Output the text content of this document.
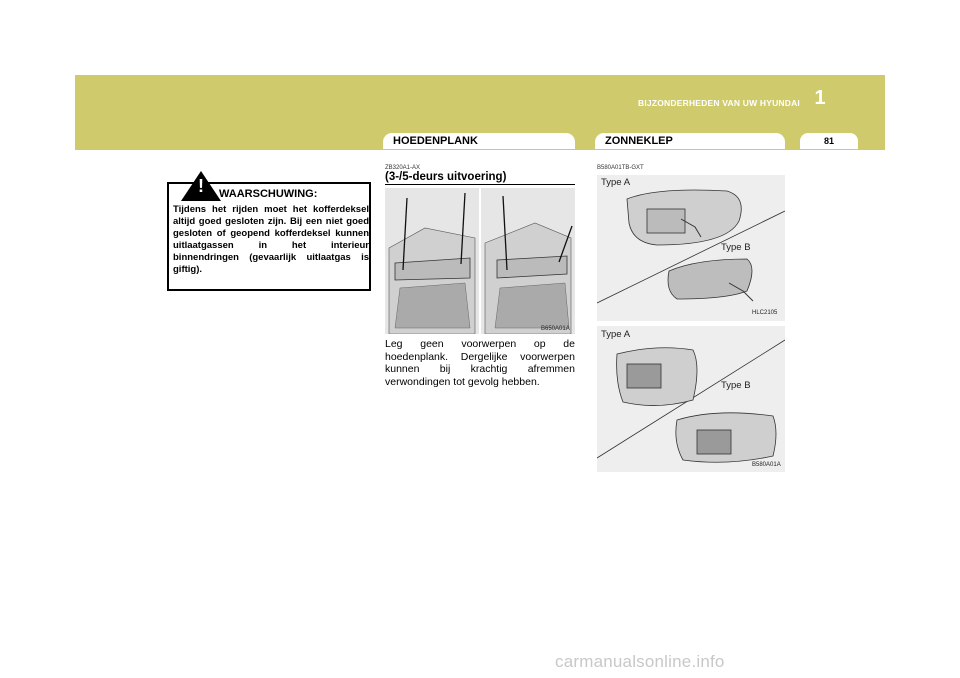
BIJZONDERHEDEN VAN UW HYUNDAI 1
HOEDENPLANK	ZONNEKLEP	81
!	WAARSCHUWING:
Tijdens het rijden moet het kofferdeksel altijd goed gesloten zijn. Bij een niet goed gesloten of geopend kofferdeksel kunnen uitlaatgassen in het interieur binnendringen (gevaarlijk uitlaatgas is giftig).
ZB320A1-AX
(3-/5-deurs uitvoering)
B650A01A
Leg geen voorwerpen op de hoedenplank. Dergelijke voorwerpen kunnen bij krachtig afremmen verwondingen tot gevolg hebben.
B580A01TB-GXT
Type A
Type B
HLC2105
Type A
Type B
B580A01A
carmanualsonline.info
